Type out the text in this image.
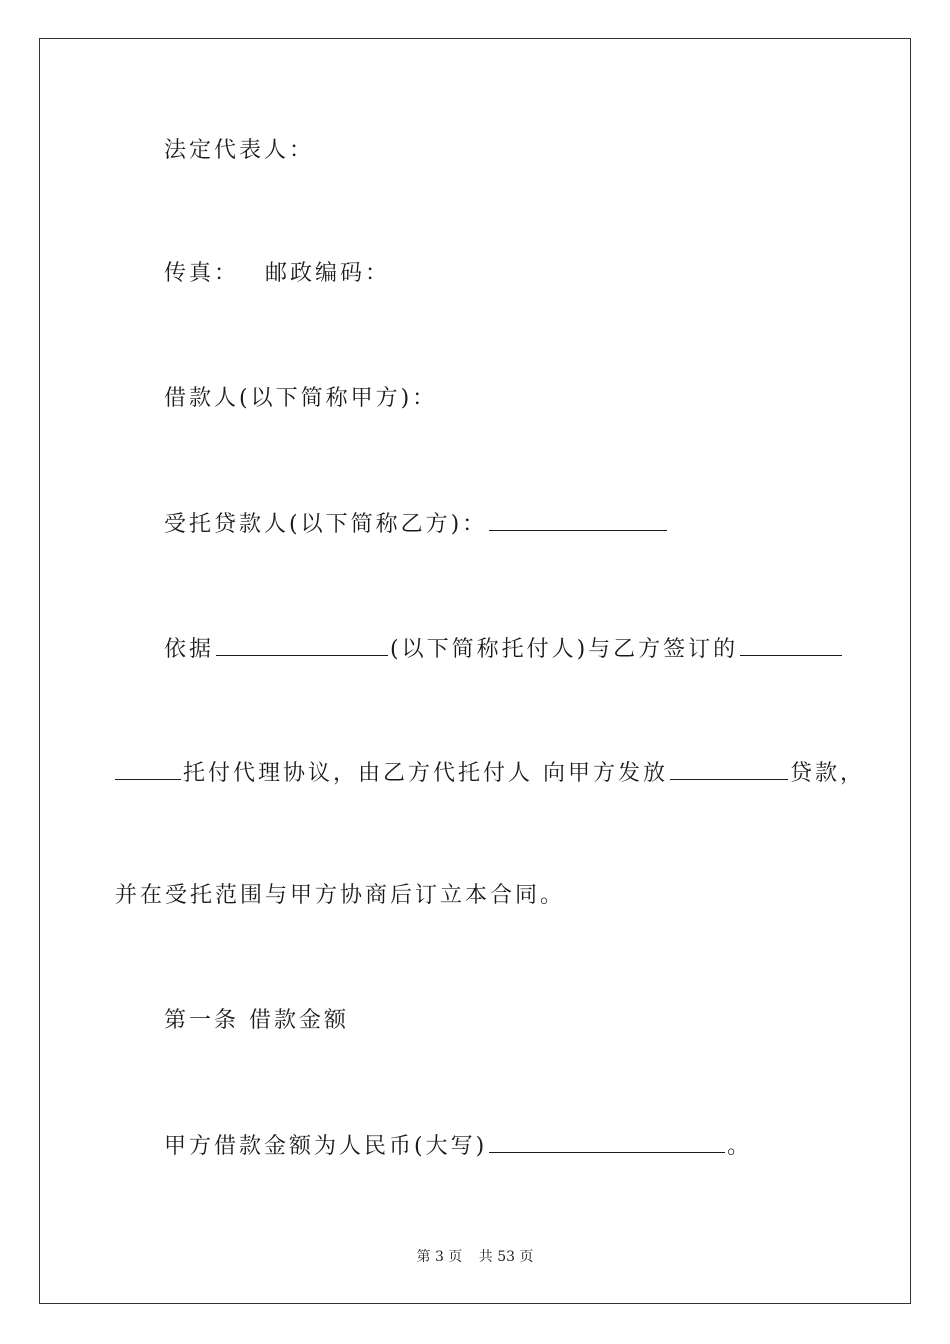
法定代表人：
传真： 邮政编码：
借款人(以下简称甲方)：
受托贷款人(以下简称乙方)：
依据	(以下简称托付人)与乙方签订的
托付代理协议，由乙方代托付人 向甲方发放	贷款，
并在受托范围与甲方协商后订立本合同。
第一条 借款金额
甲方借款金额为人民币(大写)	。
第 3 页 共 53 页
